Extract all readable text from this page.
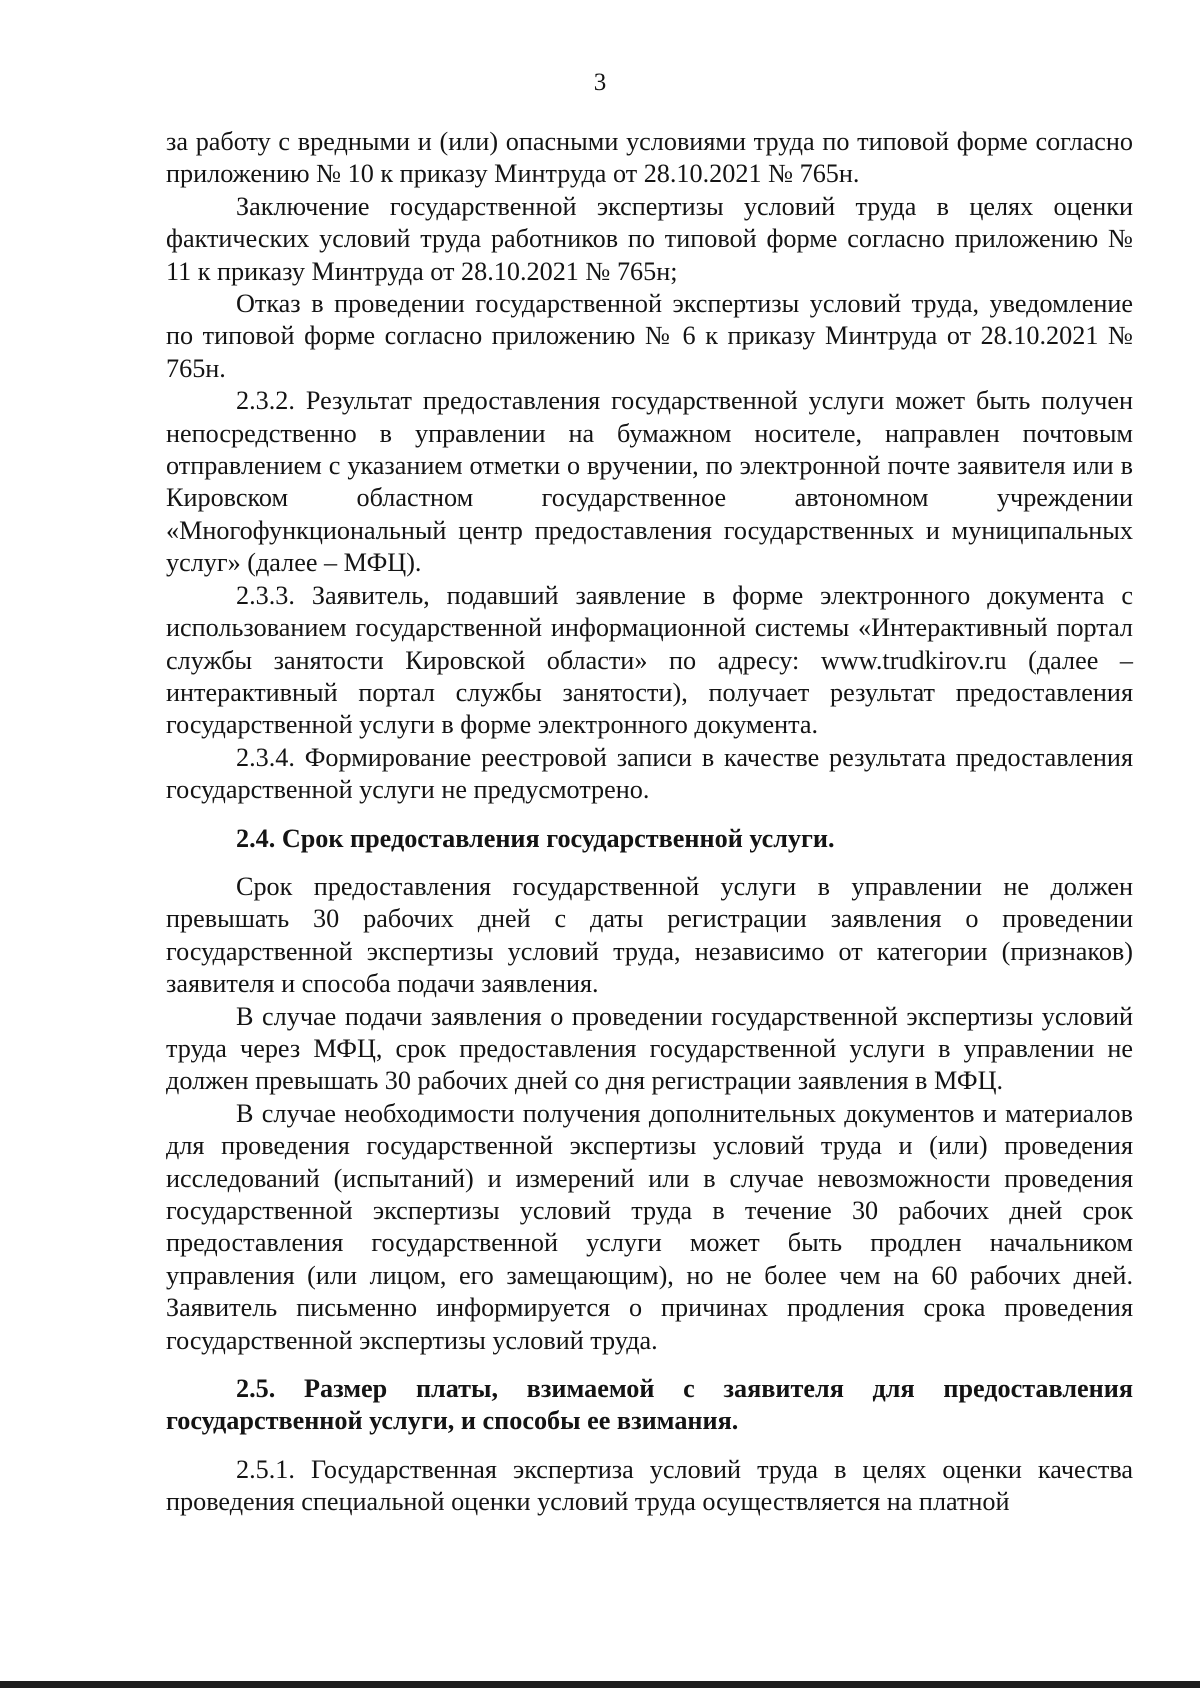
3

за работу с вредными и (или) опасными условиями труда по типовой форме согласно приложению № 10 к приказу Минтруда от 28.10.2021 № 765н.

Заключение государственной экспертизы условий труда в целях оценки фактических условий труда работников по типовой форме согласно приложению № 11 к приказу Минтруда от 28.10.2021 № 765н;

Отказ в проведении государственной экспертизы условий труда, уведомление по типовой форме согласно приложению № 6 к приказу Минтруда от 28.10.2021 № 765н.

2.3.2. Результат предоставления государственной услуги может быть получен непосредственно в управлении на бумажном носителе, направлен почтовым отправлением с указанием отметки о вручении, по электронной почте заявителя или в Кировском областном государственное автономном учреждении «Многофункциональный центр предоставления государственных и муниципальных услуг» (далее – МФЦ).

2.3.3. Заявитель, подавший заявление в форме электронного документа с использованием государственной информационной системы «Интерактивный портал службы занятости Кировской области» по адресу: www.trudkirov.ru (далее – интерактивный портал службы занятости), получает результат предоставления государственной услуги в форме электронного документа.

2.3.4. Формирование реестровой записи в качестве результата предоставления государственной услуги не предусмотрено.

2.4. Срок предоставления государственной услуги.

Срок предоставления государственной услуги в управлении не должен превышать 30 рабочих дней с даты регистрации заявления о проведении государственной экспертизы условий труда, независимо от категории (признаков) заявителя и способа подачи заявления.

В случае подачи заявления о проведении государственной экспертизы условий труда через МФЦ, срок предоставления государственной услуги в управлении не должен превышать 30 рабочих дней со дня регистрации заявления в МФЦ.

В случае необходимости получения дополнительных документов и материалов для проведения государственной экспертизы условий труда и (или) проведения исследований (испытаний) и измерений или в случае невозможности проведения государственной экспертизы условий труда в течение 30 рабочих дней срок предоставления государственной услуги может быть продлен начальником управления (или лицом, его замещающим), но не более чем на 60 рабочих дней. Заявитель письменно информируется о причинах продления срока проведения государственной экспертизы условий труда.

2.5. Размер платы, взимаемой с заявителя для предоставления государственной услуги, и способы ее взимания.

2.5.1. Государственная экспертиза условий труда в целях оценки качества проведения специальной оценки условий труда осуществляется на платной
